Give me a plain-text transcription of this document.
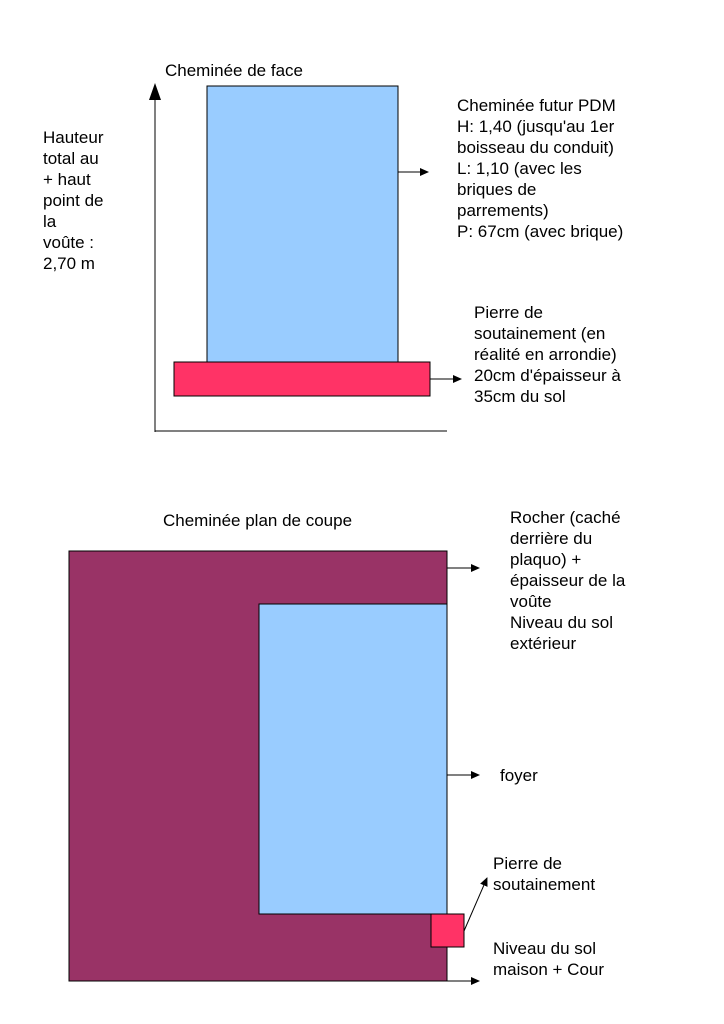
Cheminée de face

Hauteur
total au
+ haut
point de
la
voûte :
2,70 m
Cheminée futur PDM
H: 1,40 (jusqu'au 1er
boisseau du conduit)
L: 1,10 (avec les
briques de
parrements)
P: 67cm (avec brique)
Pierre de
soutainement (en
réalité en arrondie)
20cm d'épaisseur à
35cm du sol

Cheminée plan de coupe	Rocher (caché
derrière du
plaquo) +
épaisseur de la
voûte
Niveau du sol
extérieur
foyer
Pierre de
soutainement
Niveau du sol
maison + Cour
